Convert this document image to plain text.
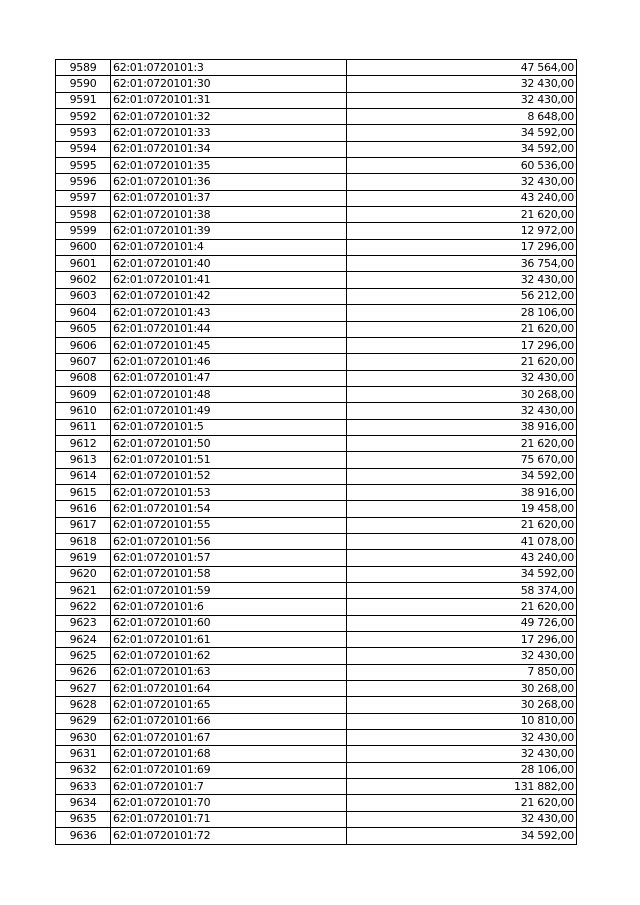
9589	62:01:0720101:3	47 564,00
9590	62:01:0720101:30	32 430,00
9591	62:01:0720101:31	32 430,00
9592	62:01:0720101:32	8 648,00
9593	62:01:0720101:33	34 592,00
9594	62:01:0720101:34	34 592,00
9595	62:01:0720101:35	60 536,00
9596	62:01:0720101:36	32 430,00
9597	62:01:0720101:37	43 240,00
9598	62:01:0720101:38	21 620,00
9599	62:01:0720101:39	12 972,00
9600	62:01:0720101:4	17 296,00
9601	62:01:0720101:40	36 754,00
9602	62:01:0720101:41	32 430,00
9603	62:01:0720101:42	56 212,00
9604	62:01:0720101:43	28 106,00
9605	62:01:0720101:44	21 620,00
9606	62:01:0720101:45	17 296,00
9607	62:01:0720101:46	21 620,00
9608	62:01:0720101:47	32 430,00
9609	62:01:0720101:48	30 268,00
9610	62:01:0720101:49	32 430,00
9611	62:01:0720101:5	38 916,00
9612	62:01:0720101:50	21 620,00
9613	62:01:0720101:51	75 670,00
9614	62:01:0720101:52	34 592,00
9615	62:01:0720101:53	38 916,00
9616	62:01:0720101:54	19 458,00
9617	62:01:0720101:55	21 620,00
9618	62:01:0720101:56	41 078,00
9619	62:01:0720101:57	43 240,00
9620	62:01:0720101:58	34 592,00
9621	62:01:0720101:59	58 374,00
9622	62:01:0720101:6	21 620,00
9623	62:01:0720101:60	49 726,00
9624	62:01:0720101:61	17 296,00
9625	62:01:0720101:62	32 430,00
9626	62:01:0720101:63	7 850,00
9627	62:01:0720101:64	30 268,00
9628	62:01:0720101:65	30 268,00
9629	62:01:0720101:66	10 810,00
9630	62:01:0720101:67	32 430,00
9631	62:01:0720101:68	32 430,00
9632	62:01:0720101:69	28 106,00
9633	62:01:0720101:7	131 882,00
9634	62:01:0720101:70	21 620,00
9635	62:01:0720101:71	32 430,00
9636	62:01:0720101:72	34 592,00
